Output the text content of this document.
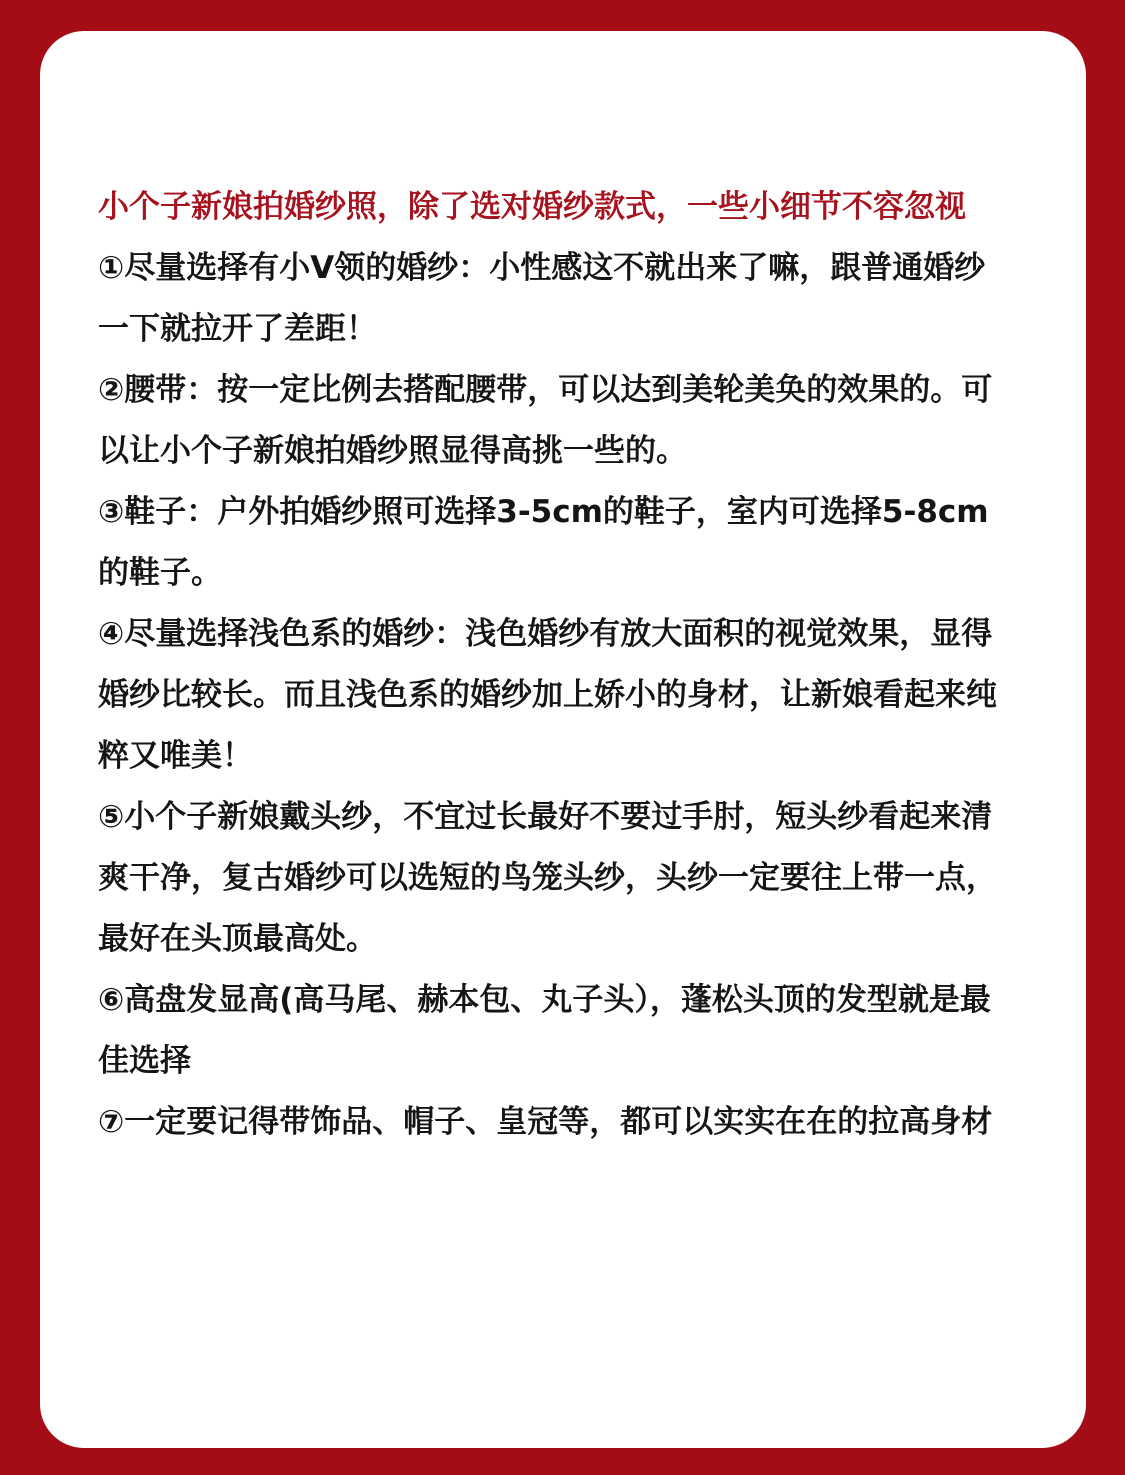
小个子新娘拍婚纱照，除了选对婚纱款式，一些小细节不容忽视

①尽量选择有小V领的婚纱：小性感这不就出来了嘛，跟普通婚纱一下就拉开了差距！

②腰带：按一定比例去搭配腰带，可以达到美轮美奂的效果的。可以让小个子新娘拍婚纱照显得高挑一些的。

③鞋子：户外拍婚纱照可选择3-5cm的鞋子，室内可选择5-8cm的鞋子。

④尽量选择浅色系的婚纱：浅色婚纱有放大面积的视觉效果，显得婚纱比较长。而且浅色系的婚纱加上娇小的身材，让新娘看起来纯粹又唯美！

⑤小个子新娘戴头纱，不宜过长最好不要过手肘，短头纱看起来清爽干净，复古婚纱可以选短的鸟笼头纱，头纱一定要往上带一点，最好在头顶最高处。

⑥高盘发显高(高马尾、赫本包、丸子头），蓬松头顶的发型就是最佳选择

⑦一定要记得带饰品、帽子、皇冠等，都可以实实在在的拉高身材
